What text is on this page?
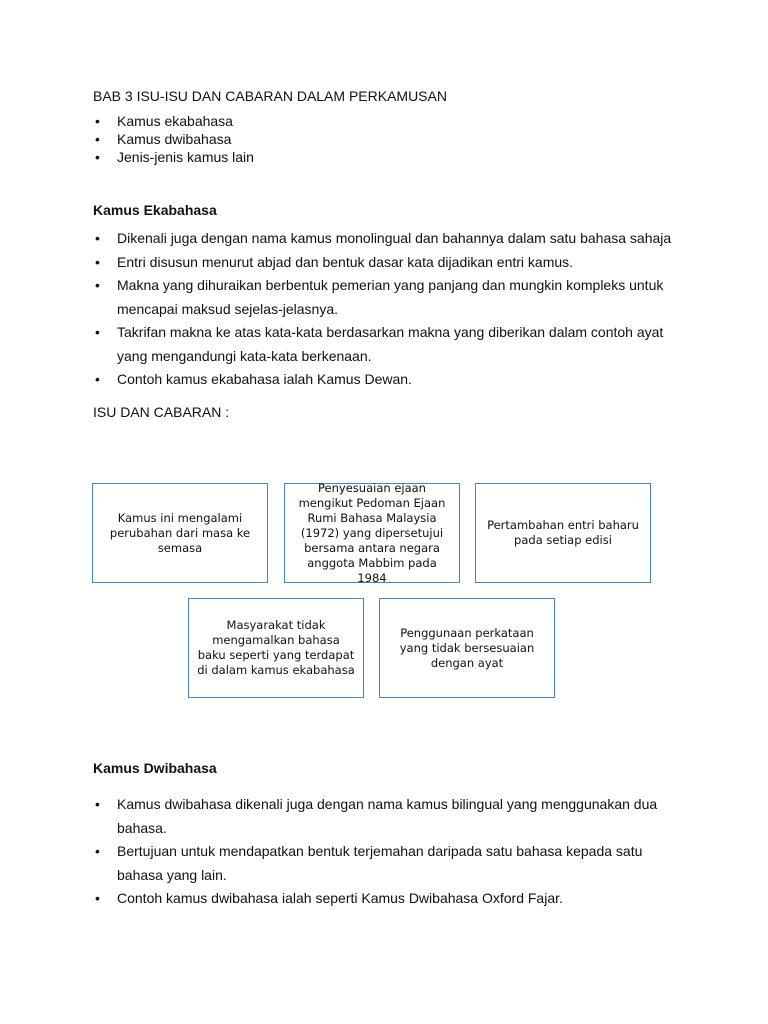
BAB 3 ISU-ISU DAN CABARAN DALAM PERKAMUSAN
• Kamus ekabahasa
• Kamus dwibahasa
• Jenis-jenis kamus lain
Kamus Ekabahasa
• Dikenali juga dengan nama kamus monolingual dan bahannya dalam satu bahasa sahaja
• Entri disusun menurut abjad dan bentuk dasar kata dijadikan entri kamus.
• Makna yang dihuraikan berbentuk pemerian yang panjang dan mungkin kompleks untuk mencapai maksud sejelas-jelasnya.
• Takrifan makna ke atas kata-kata berdasarkan makna yang diberikan dalam contoh ayat yang mengandungi kata-kata berkenaan.
• Contoh kamus ekabahasa ialah Kamus Dewan.
ISU DAN CABARAN :
Kamus ini mengalami perubahan dari masa ke semasa
Penyesuaian ejaan mengikut Pedoman Ejaan Rumi Bahasa Malaysia (1972) yang dipersetujui bersama antara negara anggota Mabbim pada 1984
Pertambahan entri baharu pada setiap edisi
Masyarakat tidak mengamalkan bahasa baku seperti yang terdapat di dalam kamus ekabahasa
Penggunaan perkataan yang tidak bersesuaian dengan ayat
Kamus Dwibahasa
• Kamus dwibahasa dikenali juga dengan nama kamus bilingual yang menggunakan dua bahasa.
• Bertujuan untuk mendapatkan bentuk terjemahan daripada satu bahasa kepada satu bahasa yang lain.
• Contoh kamus dwibahasa ialah seperti Kamus Dwibahasa Oxford Fajar.
